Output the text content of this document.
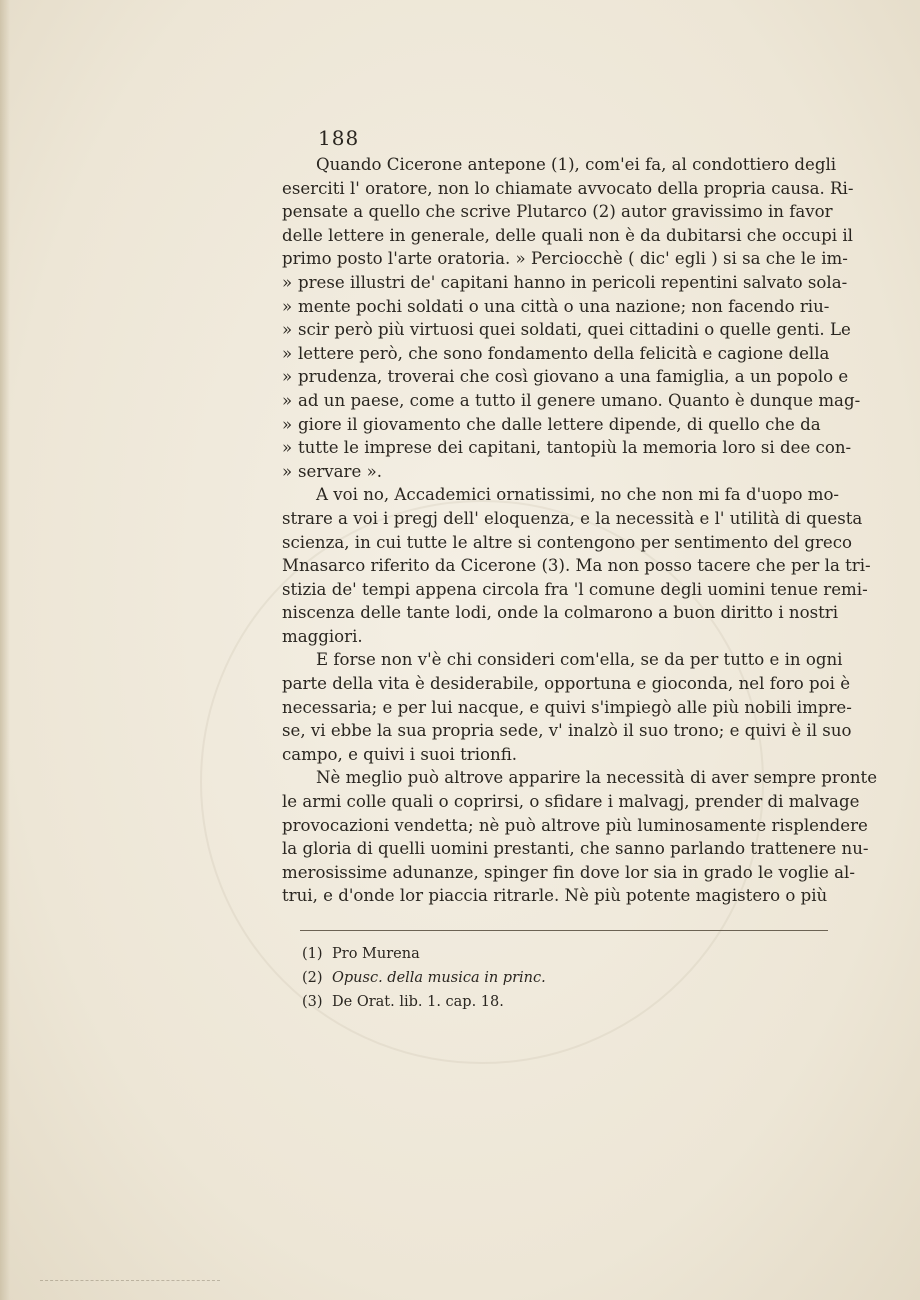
188
Quando Cicerone antepone (1), com'ei fa, al condottiero degli
eserciti l' oratore, non lo chiamate avvocato della propria causa. Ri-
pensate a quello che scrive Plutarco (2) autor gravissimo in favor
delle lettere in generale, delle quali non è da dubitarsi che occupi il
primo posto l'arte oratoria. » Perciocchè ( dic' egli ) si sa che le im-
» prese illustri de' capitani hanno in pericoli repentini salvato sola-
» mente pochi soldati o una città o una nazione; non facendo riu-
» scir però più virtuosi quei soldati, quei cittadini o quelle genti. Le
» lettere però, che sono fondamento della felicità e cagione della
» prudenza, troverai che così giovano a una famiglia, a un popolo e
» ad un paese, come a tutto il genere umano. Quanto è dunque mag-
» giore il giovamento che dalle lettere dipende, di quello che da
» tutte le imprese dei capitani, tantopiù la memoria loro si dee con-
» servare ».
A voi no, Accademici ornatissimi, no che non mi fa d'uopo mo-
strare a voi i pregj dell' eloquenza, e la necessità e l' utilità di questa
scienza, in cui tutte le altre si contengono per sentimento del greco
Mnasarco riferito da Cicerone (3). Ma non posso tacere che per la tri-
stizia de' tempi appena circola fra 'l comune degli uomini tenue remi-
niscenza delle tante lodi, onde la colmarono a buon diritto i nostri
maggiori.
E forse non v'è chi consideri com'ella, se da per tutto e in ogni
parte della vita è desiderabile, opportuna e gioconda, nel foro poi è
necessaria; e per lui nacque, e quivi s'impiegò alle più nobili impre-
se, vi ebbe la sua propria sede, v' inalzò il suo trono; e quivi è il suo
campo, e quivi i suoi trionfi.
Nè meglio può altrove apparire la necessità di aver sempre pronte
le armi colle quali o coprirsi, o sfidare i malvagj, prender di malvage
provocazioni vendetta; nè può altrove più luminosamente risplendere
la gloria di quelli uomini prestanti, che sanno parlando trattenere nu-
merosissime adunanze, spinger fin dove lor sia in grado le voglie al-
trui, e d'onde lor piaccia ritrarle. Nè più potente magistero o più
(1) Pro Murena
(2) Opusc. della musica in princ.
(3) De Orat. lib. 1. cap. 18.
